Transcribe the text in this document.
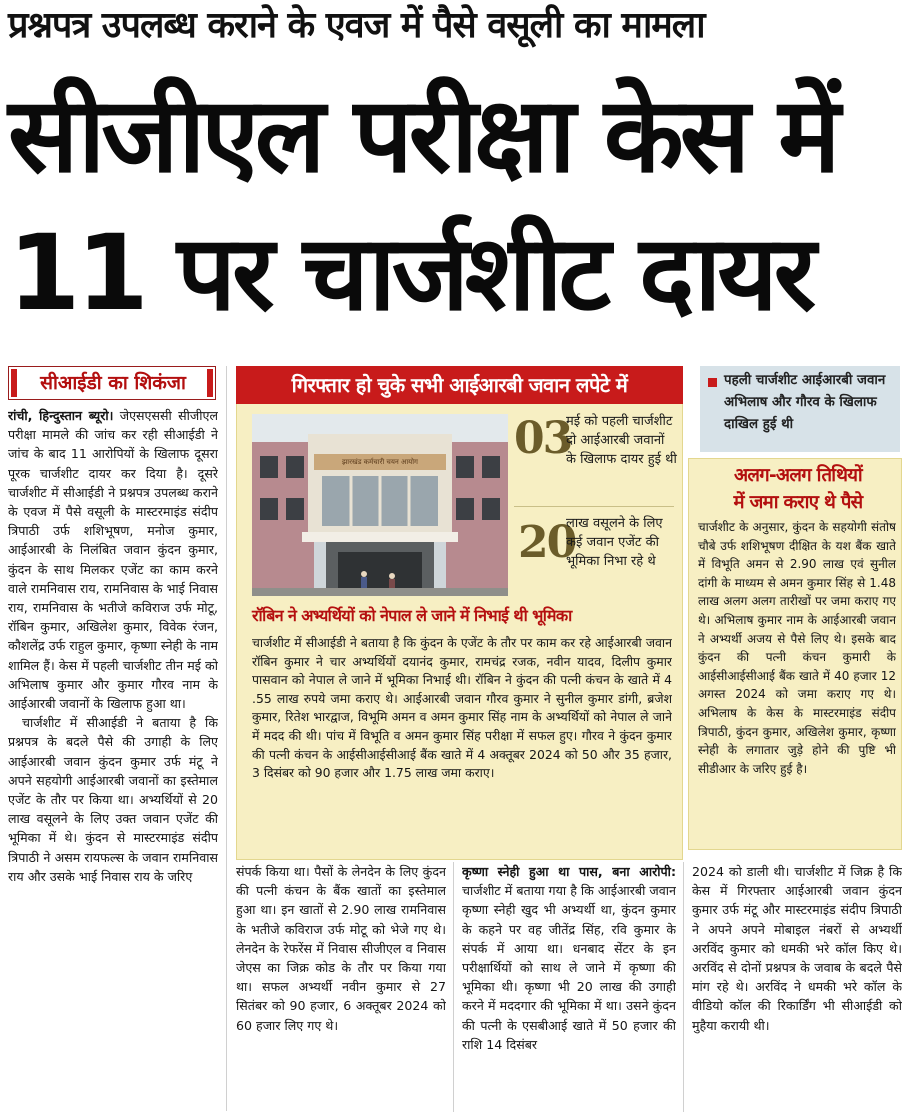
प्रश्नपत्र उपलब्ध कराने के एवज में पैसे वसूली का मामला
सीजीएल परीक्षा केस में
11 पर चार्जशीट दायर
सीआईडी का शिकंजा

रांची, हिन्दुस्तान ब्यूरो। जेएसएससी सीजीएल परीक्षा मामले की जांच कर रही सीआईडी ने जांच के बाद 11 आरोपियों के खिलाफ दूसरा पूरक चार्जशीट दायर कर दिया है। दूसरे चार्जशीट में सीआईडी ने प्रश्नपत्र उपलब्ध कराने के एवज में पैसे वसूली के मास्टरमाइंड संदीप त्रिपाठी उर्फ शशिभूषण, मनोज कुमार, आईआरबी के निलंबित जवान कुंदन कुमार, कुंदन के साथ मिलकर एजेंट का काम करने वाले रामनिवास राय, रामनिवास के भाई निवास राय, रामनिवास के भतीजे कविराज उर्फ मोटू, रॉबिन कुमार, अखिलेश कुमार, विवेक रंजन, कौशलेंद्र उर्फ राहुल कुमार, कृष्णा स्नेही के नाम शामिल हैं। केस में पहली चार्जशीट तीन मई को अभिलाष कुमार और कुमार गौरव नाम के आईआरबी जवानों के खिलाफ हुआ था।

चार्जशीट में सीआईडी ने बताया है कि प्रश्नपत्र के बदले पैसे की उगाही के लिए आईआरबी जवान कुंदन कुमार उर्फ मंटू ने अपने सहयोगी आईआरबी जवानों का इस्तेमाल एजेंट के तौर पर किया था। अभ्यर्थियों से 20 लाख वसूलने के लिए उक्त जवान एजेंट की भूमिका में थे। कुंदन से मास्टरमाइंड संदीप त्रिपाठी ने असम रायफल्स के जवान रामनिवास राय और उसके भाई निवास राय के जरिए

गिरफ्तार हो चुके सभी आईआरबी जवान लपेटे में
झारखंड कर्मचारी चयन आयोग 03
मई को पहली चार्जशीट दो आईआरबी जवानों के खिलाफ दायर हुई थी
20
लाख वसूलने के लिए कई जवान एजेंट की भूमिका निभा रहे थे
रॉबिन ने अभ्यर्थियों को नेपाल ले जाने में निभाई थी भूमिका
चार्जशीट में सीआईडी ने बताया है कि कुंदन के एजेंट के तौर पर काम कर रहे आईआरबी जवान रॉबिन कुमार ने चार अभ्यर्थियों दयानंद कुमार, रामचंद्र रजक, नवीन यादव, दिलीप कुमार पासवान को नेपाल ले जाने में भूमिका निभाई थी। रॉबिन ने कुंदन की पत्नी कंचन के खाते में 4 .55 लाख रुपये जमा कराए थे। आईआरबी जवान गौरव कुमार ने सुनील कुमार डांगी, ब्रजेश कुमार, रितेश भारद्वाज, विभूमि अमन व अमन कुमार सिंह नाम के अभ्यर्थियों को नेपाल ले जाने में मदद की थी। पांच में विभूति व अमन कुमार सिंह परीक्षा में सफल हुए। गौरव ने कुंदन कुमार की पत्नी कंचन के आईसीआईसीआई बैंक खाते में 4 अक्तूबर 2024 को 50 और 35 हजार, 3 दिसंबर को 90 हजार और 1.75 लाख जमा कराए।
पहली चार्जशीट आईआरबी जवान अभिलाष और गौरव के खिलाफ दाखिल हुई थी
अलग-अलग तिथियों
में जमा कराए थे पैसे
चार्जशीट के अनुसार, कुंदन के सहयोगी संतोष चौबे उर्फ शशिभूषण दीक्षित के यश बैंक खाते में विभूति अमन से 2.90 लाख एवं सुनील दांगी के माध्यम से अमन कुमार सिंह से 1.48 लाख अलग अलग तारीखों पर जमा कराए गए थे। अभिलाष कुमार नाम के आईआरबी जवान ने अभ्यर्थी अजय से पैसे लिए थे। इसके बाद कुंदन की पत्नी कंचन कुमारी के आईसीआईसीआई बैंक खाते में 40 हजार 12 अगस्त 2024 को जमा कराए गए थे। अभिलाष के केस के मास्टरमाइंड संदीप त्रिपाठी, कुंदन कुमार, अखिलेश कुमार, कृष्णा स्नेही के लगातार जुड़े होने की पुष्टि भी सीडीआर के जरिए हुई है।
संपर्क किया था। पैसों के लेनदेन के लिए कुंदन की पत्नी कंचन के बैंक खातों का इस्तेमाल हुआ था। इन खातों से 2.90 लाख रामनिवास के भतीजे कविराज उर्फ मोटू को भेजे गए थे। लेनदेन के रेफरेंस में निवास सीजीएल व निवास जेएस का जिक्र कोड के तौर पर किया गया था। सफल अभ्यर्थी नवीन कुमार से 27 सितंबर को 90 हजार, 6 अक्तूबर 2024 को 60 हजार लिए गए थे।

कृष्णा स्नेही हुआ था पास, बना आरोपी: चार्जशीट में बताया गया है कि आईआरबी जवान कृष्णा स्नेही खुद भी अभ्यर्थी था, कुंदन कुमार के कहने पर वह जीतेंद्र सिंह, रवि कुमार के संपर्क में आया था। धनबाद सेंटर के इन परीक्षार्थियों को साथ ले जाने में कृष्णा की भूमिका थी। कृष्णा भी 20 लाख की उगाही करने में मददगार की भूमिका में था। उसने कुंदन की पत्नी के एसबीआई खाते में 50 हजार की राशि 14 दिसंबर

2024 को डाली थी। चार्जशीट में जिक्र है कि केस में गिरफ्तार आईआरबी जवान कुंदन कुमार उर्फ मंटू और मास्टरमाइंड संदीप त्रिपाठी ने अपने अपने मोबाइल नंबरों से अभ्यर्थी अरविंद कुमार को धमकी भरे कॉल किए थे। अरविंद से दोनों प्रश्नपत्र के जवाब के बदले पैसे मांग रहे थे। अरविंद ने धमकी भरे कॉल के वीडियो कॉल की रिकार्डिंग भी सीआईडी को मुहैया करायी थी।
